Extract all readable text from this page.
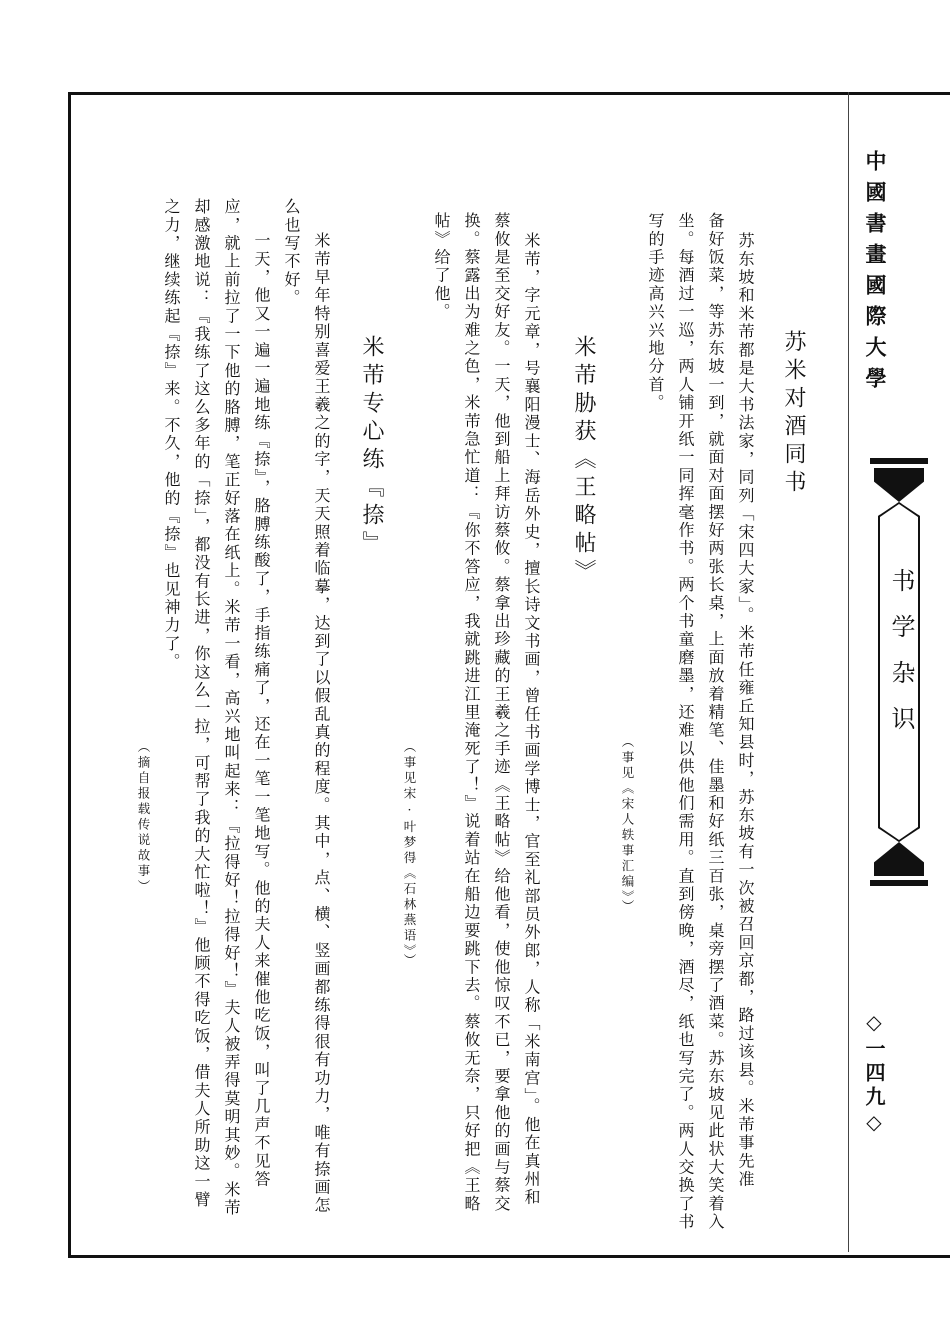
中國書畫國際大學
书学杂识
◇一四九◇
苏米对酒同书
苏东坡和米芾都是大书法家，同列「宋四大家」。米芾任雍丘知县时，苏东坡有一次被召回京都，路过该县。米芾事先准
备好饭菜，等苏东坡一到，就面对面摆好两张长桌，上面放着精笔、佳墨和好纸三百张，桌旁摆了酒菜。苏东坡见此状大笑着入
坐。每酒过一巡，两人铺开纸一同挥毫作书。两个书童磨墨，还难以供他们需用。直到傍晚，酒尽，纸也写完了。两人交换了书
写的手迹高兴兴地分首。
（事见《宋人轶事汇编》）
米芾胁获《王略帖》
米芾，字元章，号襄阳漫士、海岳外史，擅长诗文书画，曾任书画学博士，官至礼部员外郎，人称「米南宫」。他在真州和
蔡攸是至交好友。一天，他到船上拜访蔡攸。蔡拿出珍藏的王羲之手迹《王略帖》给他看，使他惊叹不已，要拿他的画与蔡交
换。蔡露出为难之色，米芾急忙道：『你不答应，我就跳进江里淹死了！』说着站在船边要跳下去。蔡攸无奈，只好把《王略
帖》给了他。
（事见宋·叶梦得《石林燕语》）
米芾专心练『捺』
米芾早年特别喜爱王羲之的字，天天照着临摹，达到了以假乱真的程度。其中，点、横、竖画都练得很有功力，唯有捺画怎
么也写不好。
一天，他又一遍一遍地练『捺』，胳膊练酸了，手指练痛了，还在一笔一笔地写。他的夫人来催他吃饭，叫了几声不见答
应，就上前拉了一下他的胳膊，笔正好落在纸上。米芾一看，高兴地叫起来：『拉得好！拉得好！』夫人被弄得莫明其妙。米芾
却感激地说：『我练了这么多年的「捺」，都没有长进，你这么一拉，可帮了我的大忙啦！』他顾不得吃饭，借夫人所助这一臂
之力，继续练起『捺』来。不久，他的『捺』也见神力了。
（摘自报载传说故事）
